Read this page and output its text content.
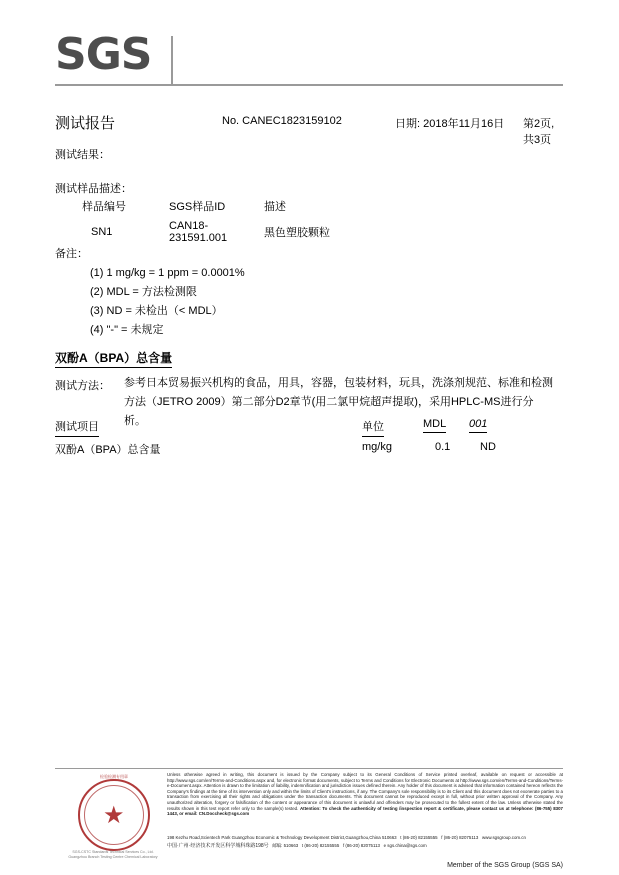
SGS
测试报告	No. CANEC1823159102	日期: 2018年11月16日 第2页,共3页
测试结果：
测试样品描述：
样品编号	SGS样品ID	描述
SN1	CAN18-231591.001	黑色塑胶颗粒
备注：
(1) 1 mg/kg = 1 ppm = 0.0001%
(2) MDL = 方法检测限
(3) ND = 未检出（< MDL）
(4) "-" = 未规定
双酚A（BPA）总含量
测试方法： 参考日本贸易振兴机构的食品，用具，容器，包装材料，玩具，洗涤剂规范、标准和检测方法（JETRO 2009）第二部分D2章节(用二氯甲烷超声提取)，采用HPLC-MS进行分析。
测试项目	单位	MDL 001
双酚A（BPA）总含量	mg/kg	0.1	ND
★
检验检测专用章
SGS-CSTC Standards Technical Services Co., Ltd.
Guangzhou Branch Testing Centre Chemical Laboratory
Unless otherwise agreed in writing, this document is issued by the Company subject to its General Conditions of Service printed overleaf, available on request or accessible at http://www.sgs.com/en/Terms-and-Conditions.aspx and, for electronic format documents, subject to Terms and Conditions for Electronic Documents at http://www.sgs.com/en/Terms-and-Conditions/Terms-e-Document.aspx. Attention is drawn to the limitation of liability, indemnification and jurisdiction issues defined therein. Any holder of this document is advised that information contained hereon reflects the Company's findings at the time of its intervention only and within the limits of Client's instructions, if any. The Company's sole responsibility is to its Client and this document does not exonerate parties to a transaction from exercising all their rights and obligations under the transaction documents. This document cannot be reproduced except in full, without prior written approval of the Company. Any unauthorized alteration, forgery or falsification of the content or appearance of this document is unlawful and offenders may be prosecuted to the fullest extent of the law. Unless otherwise stated the results shown in this test report refer only to the sample(s) tested. Attention: To check the authenticity of testing /inspection report & certificate, please contact us at telephone: (86-755) 8307 1443, or email: CN.Doccheck@sgs.com
198 Kezhu Road,Scientech Park Guangzhou Economic & Technology Development District,Guangzhou,China 510663 t (86-20) 82155555 f (86-20) 82075113 www.sgsgroup.com.cn
中国·广州·经济技术开发区科学城科珠路198号 邮编: 510663 t (86-20) 82155555 f (86-20) 82075113 e sgs.china@sgs.com
Member of the SGS Group (SGS SA)
